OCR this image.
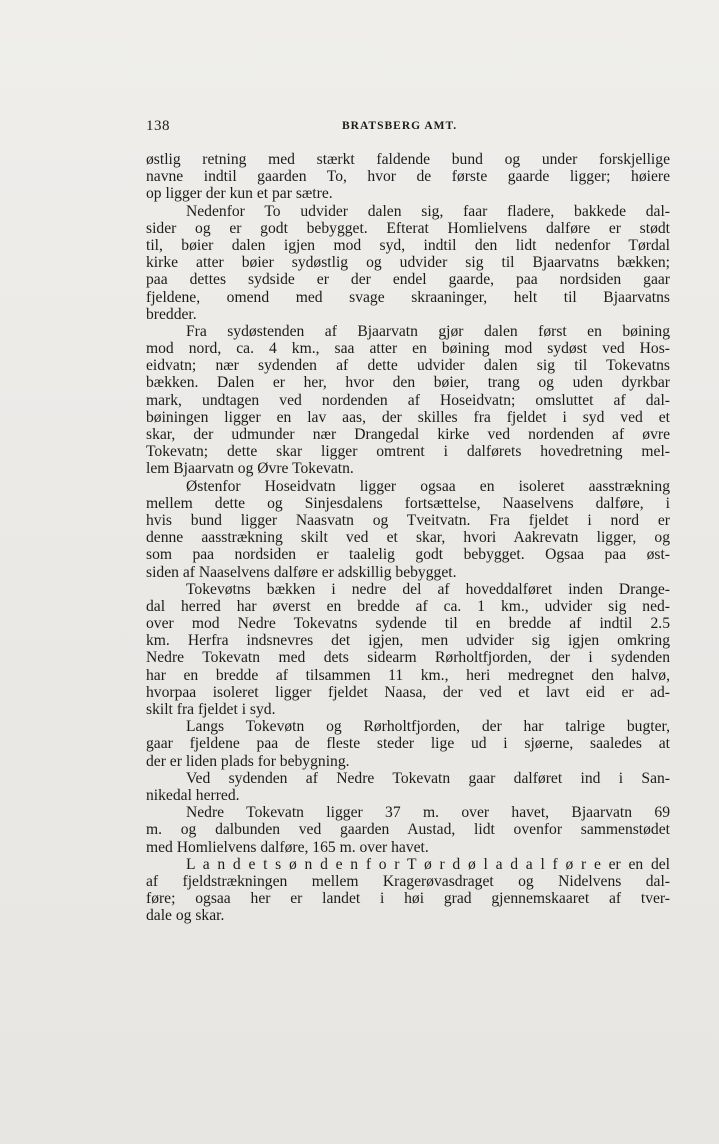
138	BRATSBERG AMT.
østlig retning med stærkt faldende bund og under forskjellige
navne indtil gaarden To, hvor de første gaarde ligger; høiere
op ligger der kun et par sætre.
Nedenfor To udvider dalen sig, faar fladere, bakkede dal-
sider og er godt bebygget. Efterat Homlielvens dalføre er stødt
til, bøier dalen igjen mod syd, indtil den lidt nedenfor Tørdal
kirke atter bøier sydøstlig og udvider sig til Bjaarvatns bækken;
paa dettes sydside er der endel gaarde, paa nordsiden gaar
fjeldene, omend med svage skraaninger, helt til Bjaarvatns
bredder.
Fra sydøstenden af Bjaarvatn gjør dalen først en bøining
mod nord, ca. 4 km., saa atter en bøining mod sydøst ved Hos-
eidvatn; nær sydenden af dette udvider dalen sig til Tokevatns
bækken. Dalen er her, hvor den bøier, trang og uden dyrkbar
mark, undtagen ved nordenden af Hoseidvatn; omsluttet af dal-
bøiningen ligger en lav aas, der skilles fra fjeldet i syd ved et
skar, der udmunder nær Drangedal kirke ved nordenden af øvre
Tokevatn; dette skar ligger omtrent i dalførets hovedretning mel-
lem Bjaarvatn og Øvre Tokevatn.
Østenfor Hoseidvatn ligger ogsaa en isoleret aasstrækning
mellem dette og Sinjesdalens fortsættelse, Naaselvens dalføre, i
hvis bund ligger Naasvatn og Tveitvatn. Fra fjeldet i nord er
denne aasstrækning skilt ved et skar, hvori Aakrevatn ligger, og
som paa nordsiden er taalelig godt bebygget. Ogsaa paa øst-
siden af Naaselvens dalføre er adskillig bebygget.
Tokevøtns bækken i nedre del af hoveddalføret inden Drange-
dal herred har øverst en bredde af ca. 1 km., udvider sig ned-
over mod Nedre Tokevatns sydende til en bredde af indtil 2.5
km. Herfra indsnevres det igjen, men udvider sig igjen omkring
Nedre Tokevatn med dets sidearm Rørholtfjorden, der i sydenden
har en bredde af tilsammen 11 km., heri medregnet den halvø,
hvorpaa isoleret ligger fjeldet Naasa, der ved et lavt eid er ad-
skilt fra fjeldet i syd.
Langs Tokevøtn og Rørholtfjorden, der har talrige bugter,
gaar fjeldene paa de fleste steder lige ud i sjøerne, saaledes at
der er liden plads for bebygning.
Ved sydenden af Nedre Tokevatn gaar dalføret ind i San-
nikedal herred.
Nedre Tokevatn ligger 37 m. over havet, Bjaarvatn 69
m. og dalbunden ved gaarden Austad, lidt ovenfor sammenstødet
med Homlielvens dalføre, 165 m. over havet.
L a n d e t s ø n d e n f o r T ø r d ø l a d a l f ø r e er en del
af fjeldstrækningen mellem Kragerøvasdraget og Nidelvens dal-
føre; ogsaa her er landet i høi grad gjennemskaaret af tver-
dale og skar.
